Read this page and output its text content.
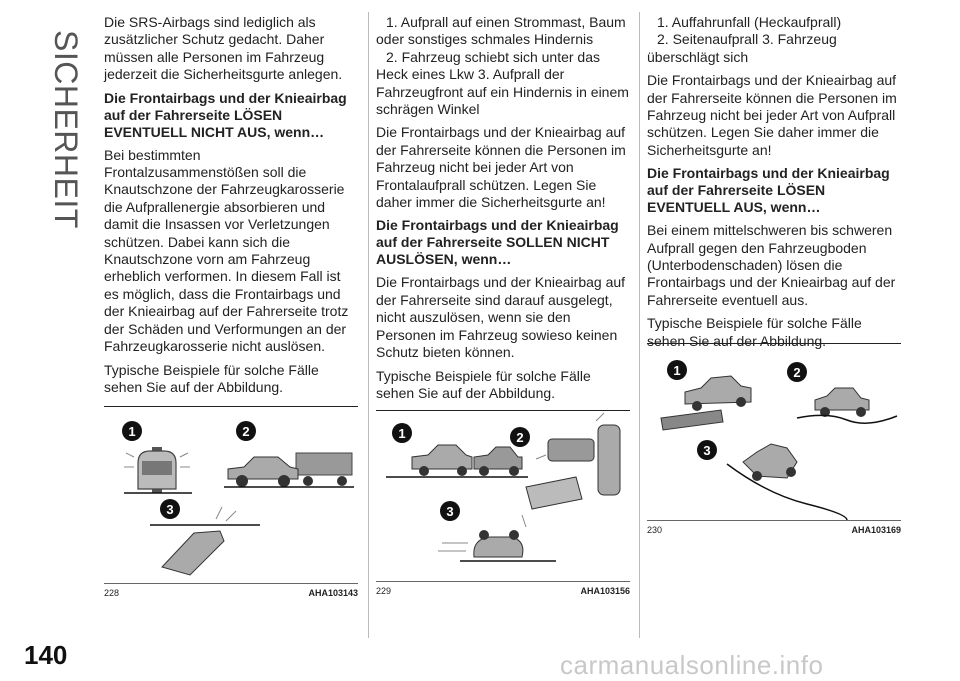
SICHERHEIT
140

Die SRS-Airbags sind lediglich als zusätzlicher Schutz gedacht. Daher müssen alle Personen im Fahrzeug jederzeit die Sicherheitsgurte anlegen.

Die Frontairbags und der Knieairbag auf der Fahrerseite LÖSEN EVENTUELL NICHT AUS, wenn…

Bei bestimmten Frontalzusammenstößen soll die Knautschzone der Fahrzeugkarosserie die Aufprallenergie absorbieren und damit die Insassen vor Verletzungen schützen. Dabei kann sich die Knautschzone vorn am Fahrzeug erheblich verformen. In diesem Fall ist es möglich, dass die Frontairbags und der Knieairbag auf der Fahrerseite trotz der Schäden und Verformungen an der Fahrzeugkarosserie nicht auslösen.

Typische Beispiele für solche Fälle sehen Sie auf der Abbildung.

1. Aufprall auf einen Strommast, Baum
oder sonstiges schmales Hindernis
2. Fahrzeug schiebt sich unter das Heck eines Lkw 3. Aufprall der Fahrzeugfront auf ein Hindernis in einem schrägen Winkel

Die Frontairbags und der Knieairbag auf der Fahrerseite können die Personen im Fahrzeug nicht bei jeder Art von Frontalaufprall schützen. Legen Sie daher immer die Sicherheitsgurte an!

Die Frontairbags und der Knieairbag auf der Fahrerseite SOLLEN NICHT AUSLÖSEN, wenn…

Die Frontairbags und der Knieairbag auf der Fahrerseite sind darauf ausgelegt, nicht auszulösen, wenn sie den Personen im Fahrzeug sowieso keinen Schutz bieten können.

Typische Beispiele für solche Fälle sehen Sie auf der Abbildung.

1. Auffahrunfall (Heckaufprall)
2. Seitenaufprall 3. Fahrzeug überschlägt sich

Die Frontairbags und der Knieairbag auf der Fahrerseite können die Personen im Fahrzeug nicht bei jeder Art von Aufprall schützen. Legen Sie daher immer die Sicherheitsgurte an!

Die Frontairbags und der Knieairbag auf der Fahrerseite LÖSEN EVENTUELL AUS, wenn…

Bei einem mittelschweren bis schweren Aufprall gegen den Fahrzeugboden (Unterbodenschaden) lösen die Frontairbags und der Knieairbag auf der Fahrerseite eventuell aus.

Typische Beispiele für solche Fälle sehen Sie auf der Abbildung.

1	2
3
228	AHA103143
1	2
3
229	AHA103156
1	2
3
230	AHA103169
carmanualsonline.info
